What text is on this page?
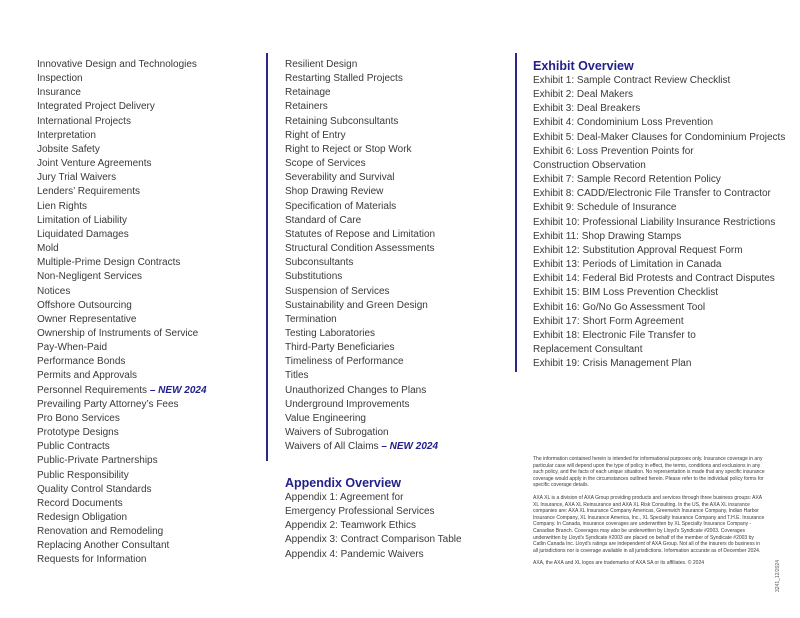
Innovative Design and Technologies
Inspection
Insurance
Integrated Project Delivery
International Projects
Interpretation
Jobsite Safety
Joint Venture Agreements
Jury Trial Waivers
Lenders’ Requirements
Lien Rights
Limitation of Liability
Liquidated Damages
Mold
Multiple-Prime Design Contracts
Non-Negligent Services
Notices
Offshore Outsourcing
Owner Representative
Ownership of Instruments of Service
Pay-When-Paid
Performance Bonds
Permits and Approvals
Personnel Requirements – NEW 2024
Prevailing Party Attorney’s Fees
Pro Bono Services
Prototype Designs
Public Contracts
Public-Private Partnerships
Public Responsibility
Quality Control Standards
Record Documents
Redesign Obligation
Renovation and Remodeling
Replacing Another Consultant
Requests for Information
Resilient Design
Restarting Stalled Projects
Retainage
Retainers
Retaining Subconsultants
Right of Entry
Right to Reject or Stop Work
Scope of Services
Severability and Survival
Shop Drawing Review
Specification of Materials
Standard of Care
Statutes of Repose and Limitation
Structural Condition Assessments
Subconsultants
Substitutions
Suspension of Services
Sustainability and Green Design
Termination
Testing Laboratories
Third-Party Beneficiaries
Timeliness of Performance
Titles
Unauthorized Changes to Plans
Underground Improvements
Value Engineering
Waivers of Subrogation
Waivers of All Claims – NEW 2024
Appendix Overview
Appendix 1: Agreement for
Emergency Professional Services
Appendix 2: Teamwork Ethics
Appendix 3: Contract Comparison Table
Appendix 4: Pandemic Waivers
Exhibit Overview
Exhibit 1: Sample Contract Review Checklist
Exhibit 2: Deal Makers
Exhibit 3: Deal Breakers
Exhibit 4: Condominium Loss Prevention
Exhibit 5: Deal-Maker Clauses for Condominium Projects
Exhibit 6: Loss Prevention Points for
Construction Observation
Exhibit 7: Sample Record Retention Policy
Exhibit 8: CADD/Electronic File Transfer to Contractor
Exhibit 9: Schedule of Insurance
Exhibit 10: Professional Liability Insurance Restrictions
Exhibit 11: Shop Drawing Stamps
Exhibit 12: Substitution Approval Request Form
Exhibit 13: Periods of Limitation in Canada
Exhibit 14: Federal Bid Protests and Contract Disputes
Exhibit 15: BIM Loss Prevention Checklist
Exhibit 16: Go/No Go Assessment Tool
Exhibit 17: Short Form Agreement
Exhibit 18: Electronic File Transfer to
Replacement Consultant
Exhibit 19: Crisis Management Plan

The information contained herein is intended for informational purposes only. Insurance coverage in any particular case will depend upon the type of policy in effect, the terms, conditions and exclusions in any such policy, and the facts of each unique situation. No representation is made that any specific insurance coverage would apply in the circumstances outlined herein. Please refer to the individual policy forms for specific coverage details.

AXA XL is a division of AXA Group providing products and services through three business groups: AXA XL Insurance, AXA XL Reinsurance and AXA XL Risk Consulting. In the US, the AXA XL insurance companies are: AXA XL Insurance Company Americas, Greenwich Insurance Company, Indian Harbor Insurance Company, XL Insurance America, Inc., XL Specialty Insurance Company and T.H.E. Insurance Company. In Canada, insurance coverages are underwritten by XL Specialty Insurance Company - Canadian Branch. Coverages may also be underwritten by Lloyd’s Syndicate #2003. Coverages underwritten by Lloyd’s Syndicate #2003 are placed on behalf of the member of Syndicate #2003 by Catlin Canada Inc. Lloyd’s ratings are independent of AXA Group. Not all of the insurers do business in all jurisdictions nor is coverage available in all jurisdictions. Information accurate as of December 2024.

AXA, the AXA and XL logos are trademarks of AXA SA or its affiliates. © 2024	3241_12/2024
